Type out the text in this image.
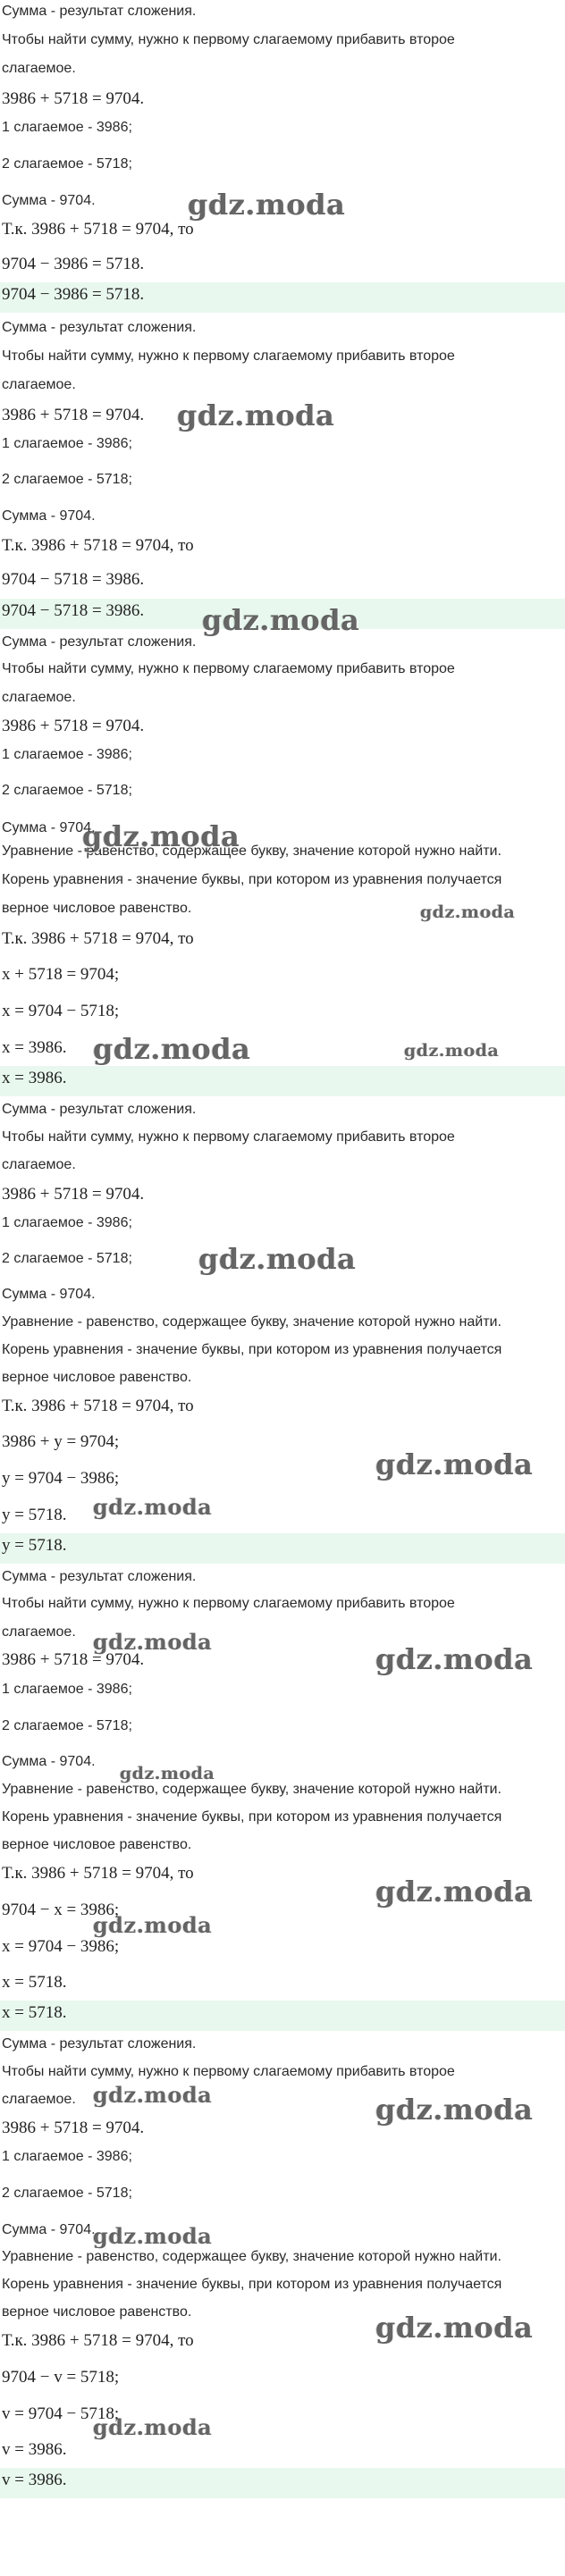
Сумма - результат сложения.

Чтобы найти сумму, нужно к первому слагаемому прибавить второе

слагаемое.

3986 + 5718 = 9704.

1 слагаемое - 3986;

2 слагаемое - 5718;

Сумма - 9704.

Т.к. 3986 + 5718 = 9704, то

9704 − 3986 = 5718.

9704 − 3986 = 5718.

Сумма - результат сложения.

Чтобы найти сумму, нужно к первому слагаемому прибавить второе

слагаемое.

3986 + 5718 = 9704.

1 слагаемое - 3986;

2 слагаемое - 5718;

Сумма - 9704.

Т.к. 3986 + 5718 = 9704, то

9704 − 5718 = 3986.

9704 − 5718 = 3986.

Сумма - результат сложения.

Чтобы найти сумму, нужно к первому слагаемому прибавить второе

слагаемое.

3986 + 5718 = 9704.

1 слагаемое - 3986;

2 слагаемое - 5718;

Сумма - 9704.

Уравнение - равенство, содержащее букву, значение которой нужно найти.

Корень уравнения - значение буквы, при котором из уравнения получается

верное числовое равенство.

Т.к. 3986 + 5718 = 9704, то

x + 5718 = 9704;

x = 9704 − 5718;

x = 3986.

x = 3986.

Сумма - результат сложения.

Чтобы найти сумму, нужно к первому слагаемому прибавить второе

слагаемое.

3986 + 5718 = 9704.

1 слагаемое - 3986;

2 слагаемое - 5718;

Сумма - 9704.

Уравнение - равенство, содержащее букву, значение которой нужно найти.

Корень уравнения - значение буквы, при котором из уравнения получается

верное числовое равенство.

Т.к. 3986 + 5718 = 9704, то

3986 + y = 9704;

y = 9704 − 3986;

y = 5718.

y = 5718.

Сумма - результат сложения.

Чтобы найти сумму, нужно к первому слагаемому прибавить второе

слагаемое.

3986 + 5718 = 9704.

1 слагаемое - 3986;

2 слагаемое - 5718;

Сумма - 9704.

Уравнение - равенство, содержащее букву, значение которой нужно найти.

Корень уравнения - значение буквы, при котором из уравнения получается

верное числовое равенство.

Т.к. 3986 + 5718 = 9704, то

9704 − x = 3986;

x = 9704 − 3986;

x = 5718.

x = 5718.

Сумма - результат сложения.

Чтобы найти сумму, нужно к первому слагаемому прибавить второе

слагаемое.

3986 + 5718 = 9704.

1 слагаемое - 3986;

2 слагаемое - 5718;

Сумма - 9704.

Уравнение - равенство, содержащее букву, значение которой нужно найти.

Корень уравнения - значение буквы, при котором из уравнения получается

верное числовое равенство.

Т.к. 3986 + 5718 = 9704, то

9704 − v = 5718;

v = 9704 − 5718;

v = 3986.

v = 3986.
gdz.moda
gdz.moda
gdz.moda
gdz.moda
gdz.moda
gdz.moda	gdz.moda
gdz.moda
gdz.moda
gdz.moda
gdz.moda
gdz.moda
gdz.moda
gdz.moda
gdz.moda
gdz.moda	gdz.moda
gdz.moda
gdz.moda
gdz.moda
